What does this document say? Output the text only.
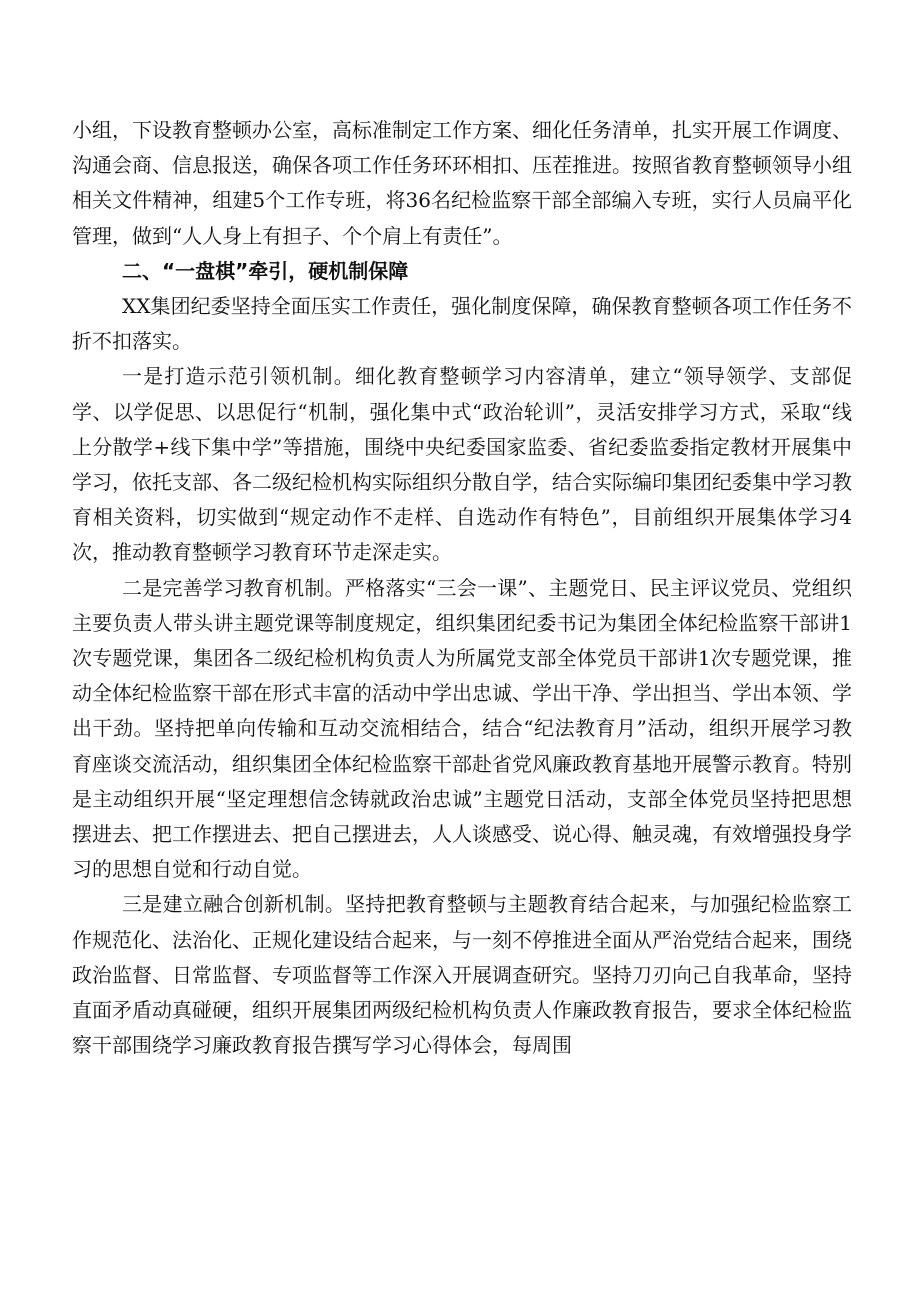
小组，下设教育整顿办公室，高标准制定工作方案、细化任务清单，扎实开展工作调度、沟通会商、信息报送，确保各项工作任务环环相扣、压茬推进。按照省教育整顿领导小组相关文件精神，组建5个工作专班，将36名纪检监察干部全部编入专班，实行人员扁平化管理，做到“人人身上有担子、个个肩上有责任”。

二、“一盘棋”牵引，硬机制保障

XX集团纪委坚持全面压实工作责任，强化制度保障，确保教育整顿各项工作任务不折不扣落实。

一是打造示范引领机制。细化教育整顿学习内容清单，建立“领导领学、支部促学、以学促思、以思促行“机制，强化集中式“政治轮训”，灵活安排学习方式，采取“线上分散学+线下集中学”等措施，围绕中央纪委国家监委、省纪委监委指定教材开展集中学习，依托支部、各二级纪检机构实际组织分散自学，结合实际编印集团纪委集中学习教育相关资料，切实做到“规定动作不走样、自选动作有特色”，目前组织开展集体学习4次，推动教育整顿学习教育环节走深走实。

二是完善学习教育机制。严格落实“三会一课”、主题党日、民主评议党员、党组织主要负责人带头讲主题党课等制度规定，组织集团纪委书记为集团全体纪检监察干部讲1次专题党课，集团各二级纪检机构负责人为所属党支部全体党员干部讲1次专题党课，推动全体纪检监察干部在形式丰富的活动中学出忠诚、学出干净、学出担当、学出本领、学出干劲。坚持把单向传输和互动交流相结合，结合“纪法教育月”活动，组织开展学习教育座谈交流活动，组织集团全体纪检监察干部赴省党风廉政教育基地开展警示教育。特别是主动组织开展“坚定理想信念铸就政治忠诚”主题党日活动，支部全体党员坚持把思想摆进去、把工作摆进去、把自己摆进去，人人谈感受、说心得、触灵魂，有效增强投身学习的思想自觉和行动自觉。

三是建立融合创新机制。坚持把教育整顿与主题教育结合起来，与加强纪检监察工作规范化、法治化、正规化建设结合起来，与一刻不停推进全面从严治党结合起来，围绕政治监督、日常监督、专项监督等工作深入开展调查研究。坚持刀刃向己自我革命，坚持直面矛盾动真碰硬，组织开展集团两级纪检机构负责人作廉政教育报告，要求全体纪检监察干部围绕学习廉政教育报告撰写学习心得体会，每周围
